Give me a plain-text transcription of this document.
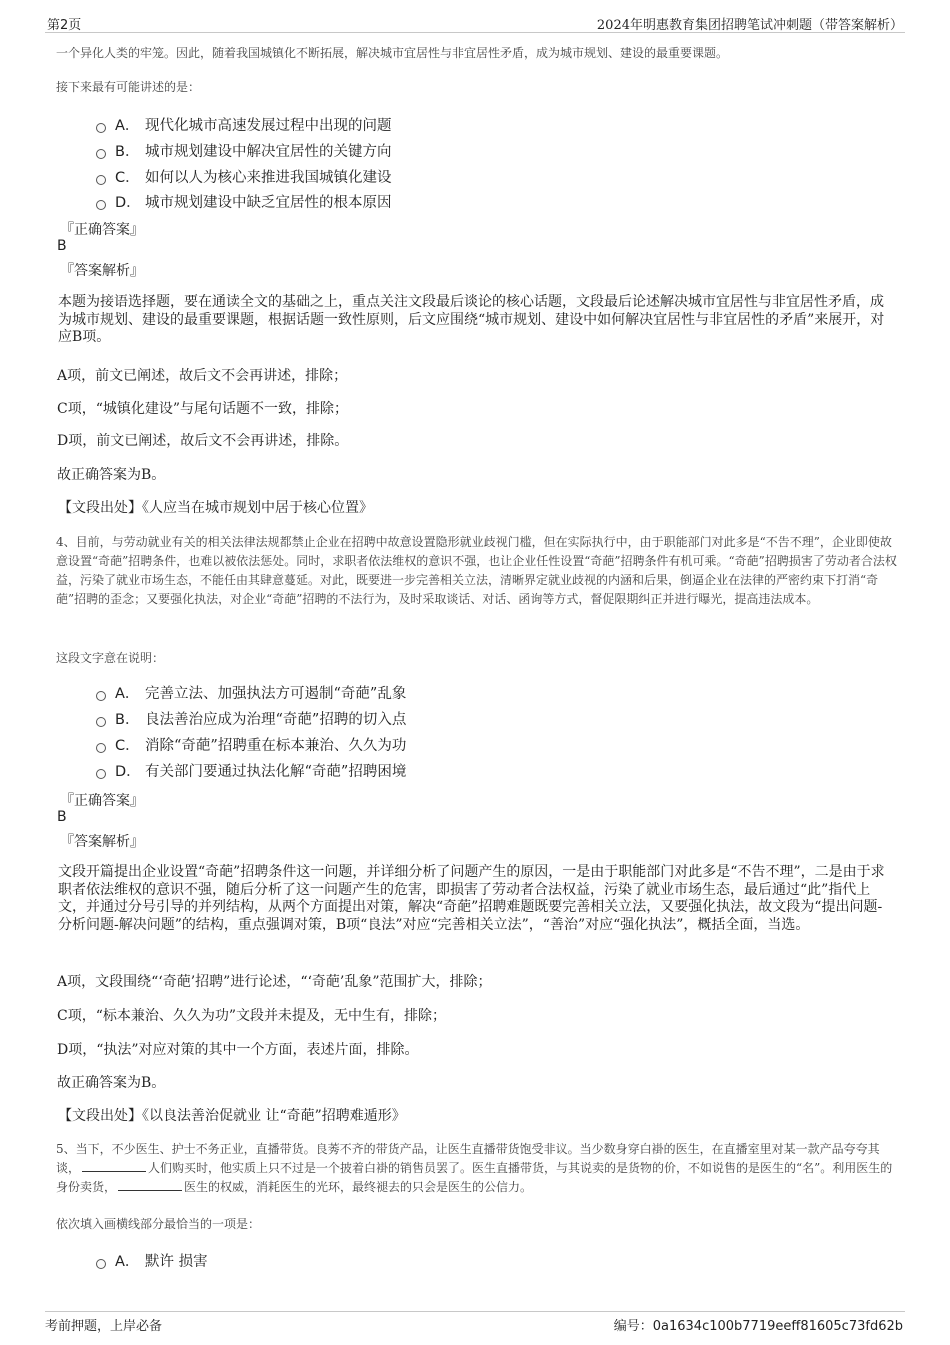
第2页	2024年明惠教育集团招聘笔试冲刺题（带答案解析）
一个异化人类的牢笼。因此，随着我国城镇化不断拓展，解决城市宜居性与非宜居性矛盾，成为城市规划、建设的最重要课题。
接下来最有可能讲述的是：
A． 现代化城市高速发展过程中出现的问题
B． 城市规划建设中解决宜居性的关键方向
C． 如何以人为核心来推进我国城镇化建设
D． 城市规划建设中缺乏宜居性的根本原因
『正确答案』
B
『答案解析』
本题为接语选择题，要在通读全文的基础之上，重点关注文段最后谈论的核心话题，文段最后论述解决城市宜居性与非宜居性矛盾，成为城市规划、建设的最重要课题，根据话题一致性原则，后文应围绕“城市规划、建设中如何解决宜居性与非宜居性的矛盾”来展开，对应B项。
A项，前文已阐述，故后文不会再讲述，排除；
C项，“城镇化建设”与尾句话题不一致，排除；
D项，前文已阐述，故后文不会再讲述，排除。
故正确答案为B。
【文段出处】《人应当在城市规划中居于核心位置》
4、目前，与劳动就业有关的相关法律法规都禁止企业在招聘中故意设置隐形就业歧视门槛，但在实际执行中，由于职能部门对此多是“不告不理”，企业即使故意设置“奇葩”招聘条件，也难以被依法惩处。同时，求职者依法维权的意识不强，也让企业任性设置“奇葩”招聘条件有机可乘。“奇葩”招聘损害了劳动者合法权益，污染了就业市场生态，不能任由其肆意蔓延。对此，既要进一步完善相关立法，清晰界定就业歧视的内涵和后果，倒逼企业在法律的严密约束下打消“奇葩”招聘的歪念；又要强化执法，对企业“奇葩”招聘的不法行为，及时采取谈话、对话、函询等方式，督促限期纠正并进行曝光，提高违法成本。
这段文字意在说明：
A． 完善立法、加强执法方可遏制“奇葩”乱象
B． 良法善治应成为治理“奇葩”招聘的切入点
C． 消除“奇葩”招聘重在标本兼治、久久为功
D． 有关部门要通过执法化解“奇葩”招聘困境
『正确答案』
B
『答案解析』
文段开篇提出企业设置“奇葩”招聘条件这一问题，并详细分析了问题产生的原因，一是由于职能部门对此多是“不告不理”，二是由于求职者依法维权的意识不强，随后分析了这一问题产生的危害，即损害了劳动者合法权益，污染了就业市场生态，最后通过“此”指代上文，并通过分号引导的并列结构，从两个方面提出对策，解决“奇葩”招聘难题既要完善相关立法，又要强化执法，故文段为“提出问题-分析问题-解决问题”的结构，重点强调对策，B项“良法”对应“完善相关立法”，“善治”对应“强化执法”，概括全面，当选。
A项，文段围绕“‘奇葩’招聘”进行论述，“‘奇葩’乱象”范围扩大，排除；
C项，“标本兼治、久久为功”文段并未提及，无中生有，排除；
D项，“执法”对应对策的其中一个方面，表述片面，排除。
故正确答案为B。
【文段出处】《以良法善治促就业 让“奇葩”招聘难遁形》
5、当下，不少医生、护士不务正业，直播带货。良莠不齐的带货产品，让医生直播带货饱受非议。当少数身穿白褂的医生，在直播室里对某一款产品夸夸其谈，	人们购买时，他实质上只不过是一个披着白褂的销售员罢了。医生直播带货，与其说卖的是货物的价，不如说售的是医生的“名”。利用医生的身份卖货，	医生的权威，消耗医生的光环，最终褪去的只会是医生的公信力。
依次填入画横线部分最恰当的一项是：
A． 默许 损害
考前押题，上岸必备	编号：0a1634c100b7719eeff81605c73fd62b
